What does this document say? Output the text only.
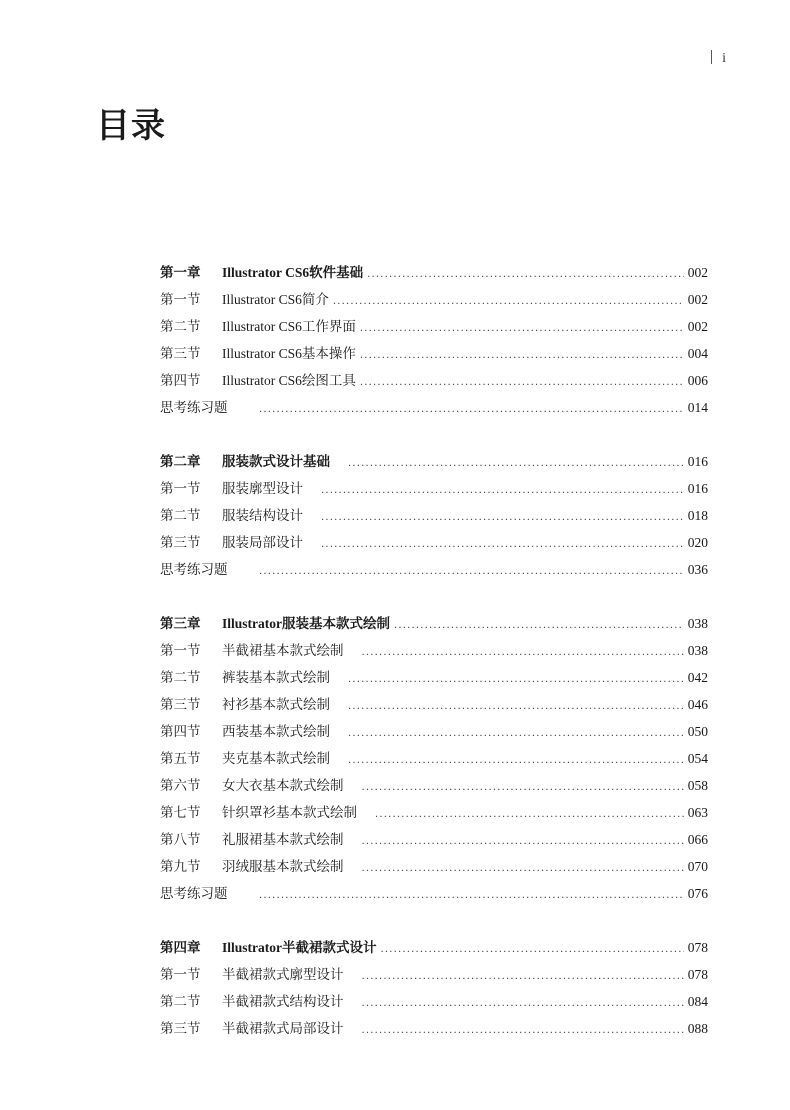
i
目录
第一章	Illustrator CS6软件基础 .....	002
第一节	Illustrator CS6简介 .....	002
第二节	Illustrator CS6工作界面 .....	002
第三节	Illustrator CS6基本操作 .....	004
第四节	Illustrator CS6绘图工具 .....	006
思考练习题 .....	014
第二章	服装款式设计基础 .....	016
第一节	服装廓型设计 .....	016
第二节	服装结构设计 .....	018
第三节	服装局部设计 .....	020
思考练习题 .....	036
第三章	Illustrator服装基本款式绘制 .....	038
第一节	半截裙基本款式绘制 .....	038
第二节	裤装基本款式绘制 .....	042
第三节	衬衫基本款式绘制 .....	046
第四节	西装基本款式绘制 .....	050
第五节	夹克基本款式绘制 .....	054
第六节	女大衣基本款式绘制 .....	058
第七节	针织罩衫基本款式绘制 .....	063
第八节	礼服裙基本款式绘制 .....	066
第九节	羽绒服基本款式绘制 .....	070
思考练习题 .....	076
第四章	Illustrator半截裙款式设计 .....	078
第一节	半截裙款式廓型设计 .....	078
第二节	半截裙款式结构设计 .....	084
第三节	半截裙款式局部设计 .....	088
